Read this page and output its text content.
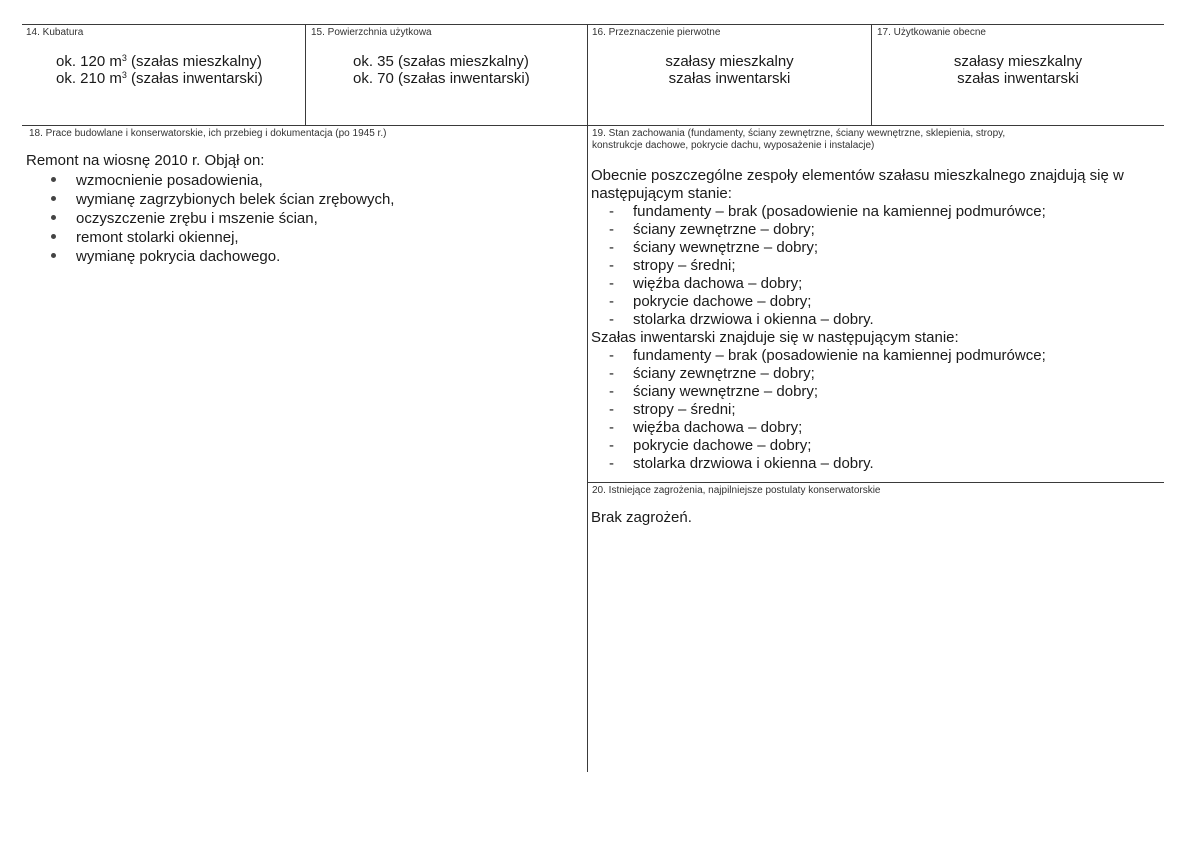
14. Kubatura
ok. 120 $m^3$ (szałas mieszkalny)
ok. 210 $m^3$ (szałas inwentarski)
15. Powierzchnia użytkowa
ok. 35 (szałas mieszkalny)
ok. 70 (szałas inwentarski)
16. Przeznaczenie pierwotne
szałasy mieszkalny
szałas inwentarski
17. Użytkowanie obecne
szałasy mieszkalny
szałas inwentarski
18. Prace budowlane i konserwatorskie, ich przebieg i dokumentacja (po 1945 r.)
Remont na wiosnę 2010 r. Objął on:
wzmocnienie posadowienia,
wymianę zagrzybionych belek ścian zrębowych,
oczyszczenie zrębu i mszenie ścian,
remont stolarki okiennej,
wymianę pokrycia dachowego.
19. Stan zachowania (fundamenty, ściany zewnętrzne, ściany wewnętrzne, sklepienia, stropy,
konstrukcje dachowe, pokrycie dachu, wyposażenie i instalacje)
Obecnie poszczególne zespoły elementów szałasu mieszkalnego znajdują się w następującym stanie:
- fundamenty – brak (posadowienie na kamiennej podmurówce;
- ściany zewnętrzne – dobry;
- ściany wewnętrzne – dobry;
- stropy – średni;
- więźba dachowa – dobry;
- pokrycie dachowe – dobry;
- stolarka drzwiowa i okienna – dobry.
Szałas inwentarski znajduje się w następującym stanie:
- fundamenty – brak (posadowienie na kamiennej podmurówce;
- ściany zewnętrzne – dobry;
- ściany wewnętrzne – dobry;
- stropy – średni;
- więźba dachowa – dobry;
- pokrycie dachowe – dobry;
- stolarka drzwiowa i okienna – dobry.
20. Istniejące zagrożenia, najpilniejsze postulaty konserwatorskie
Brak zagrożeń.
